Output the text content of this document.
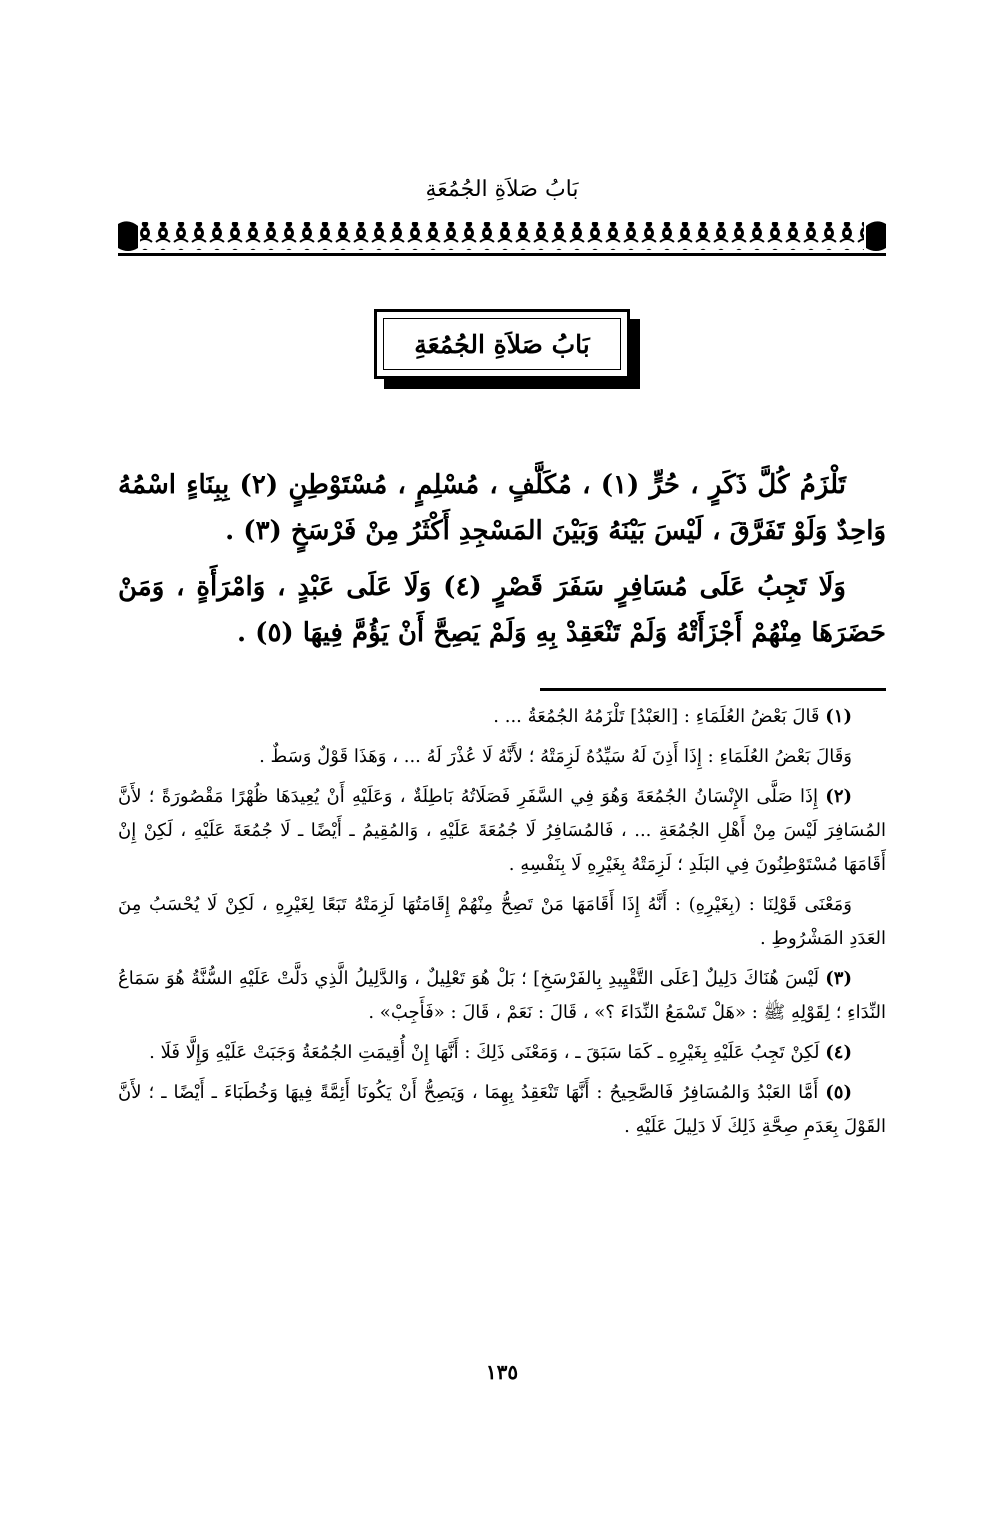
بَابُ صَلاَةِ الجُمُعَةِ
بَابُ صَلاَةِ الجُمُعَةِ

تَلْزَمُ كُلَّ ذَكَرٍ ، حُرٍّ (١) ، مُكَلَّفٍ ، مُسْلِمٍ ، مُسْتَوْطِنٍ (٢) بِبِنَاءٍ اسْمُهُ وَاحِدٌ وَلَوْ تَفَرَّقَ ، لَيْسَ بَيْنَهُ وَبَيْنَ المَسْجِدِ أَكْثَرُ مِنْ فَرْسَخٍ (٣) .

وَلَا تَجِبُ عَلَى مُسَافِرٍ سَفَرَ قَصْرٍ (٤) وَلَا عَلَى عَبْدٍ ، وَامْرَأَةٍ ، وَمَنْ حَضَرَهَا مِنْهُمْ أَجْزَأَتْهُ وَلَمْ تَنْعَقِدْ بِهِ وَلَمْ يَصِحَّ أَنْ يَؤُمَّ فِيهَا (٥) .

(١) قَالَ بَعْضُ العُلَمَاءِ : [العَبْدُ] تَلْزَمُهُ الجُمُعَةُ ... .

وَقَالَ بَعْضُ العُلَمَاءِ : إِذَا أَذِنَ لَهُ سَيِّدُهُ لَزِمَتْهُ ؛ لأَنَّهُ لَا عُذْرَ لَهُ ... ، وَهَذَا قَوْلٌ وَسَطٌ .

(٢) إِذَا صَلَّى الإِنْسَانُ الجُمُعَةَ وَهُوَ فِي السَّفَرِ فَصَلَاتُهُ بَاطِلَةٌ ، وَعَلَيْهِ أَنْ يُعِيدَهَا ظُهْرًا مَقْصُورَةً ؛ لأَنَّ المُسَافِرَ لَيْسَ مِنْ أَهْلِ الجُمُعَةِ ... ، فَالمُسَافِرُ لَا جُمُعَةَ عَلَيْهِ ، وَالمُقِيمُ ـ أَيْضًا ـ لَا جُمُعَةَ عَلَيْهِ ، لَكِنْ إِنْ أَقَامَهَا مُسْتَوْطِنُونَ فِي البَلَدِ ؛ لَزِمَتْهُ بِغَيْرِهِ لَا بِنَفْسِهِ .

وَمَعْنَى قَوْلِنَا : (بِغَيْرِهِ) : أَنَّهُ إِذَا أَقَامَهَا مَنْ تَصِحُّ مِنْهُمْ إِقَامَتُهَا لَزِمَتْهُ تَبَعًا لِغَيْرِهِ ، لَكِنْ لَا يُحْسَبُ مِنَ العَدَدِ المَشْرُوطِ .

(٣) لَيْسَ هُنَاكَ دَلِيلٌ [عَلَى التَّقْيِيدِ بِالفَرْسَخِ] ؛ بَلْ هُوَ تَعْلِيلٌ ، وَالدَّلِيلُ الَّذِي دَلَّتْ عَلَيْهِ السُّنَّةُ هُوَ سَمَاعُ النِّدَاءِ ؛ لِقَوْلِهِ ﷺ : «هَلْ تَسْمَعُ النِّدَاءَ ؟» ، قَالَ : نَعَمْ ، قَالَ : «فَأَجِبْ» .

(٤) لَكِنْ تَجِبُ عَلَيْهِ بِغَيْرِهِ ـ كَمَا سَبَقَ ـ ، وَمَعْنَى ذَلِكَ : أَنَّهَا إِنْ أُقِيمَتِ الجُمُعَةُ وَجَبَتْ عَلَيْهِ وَإِلَّا فَلَا .

(٥) أَمَّا العَبْدُ وَالمُسَافِرُ فَالصَّحِيحُ : أَنَّهَا تَنْعَقِدُ بِهِمَا ، وَيَصِحُّ أَنْ يَكُونَا أَئِمَّةً فِيهَا وَخُطَبَاءَ ـ أَيْضًا ـ ؛ لأَنَّ القَوْلَ بِعَدَمِ صِحَّةِ ذَلِكَ لَا دَلِيلَ عَلَيْهِ .

١٣٥
